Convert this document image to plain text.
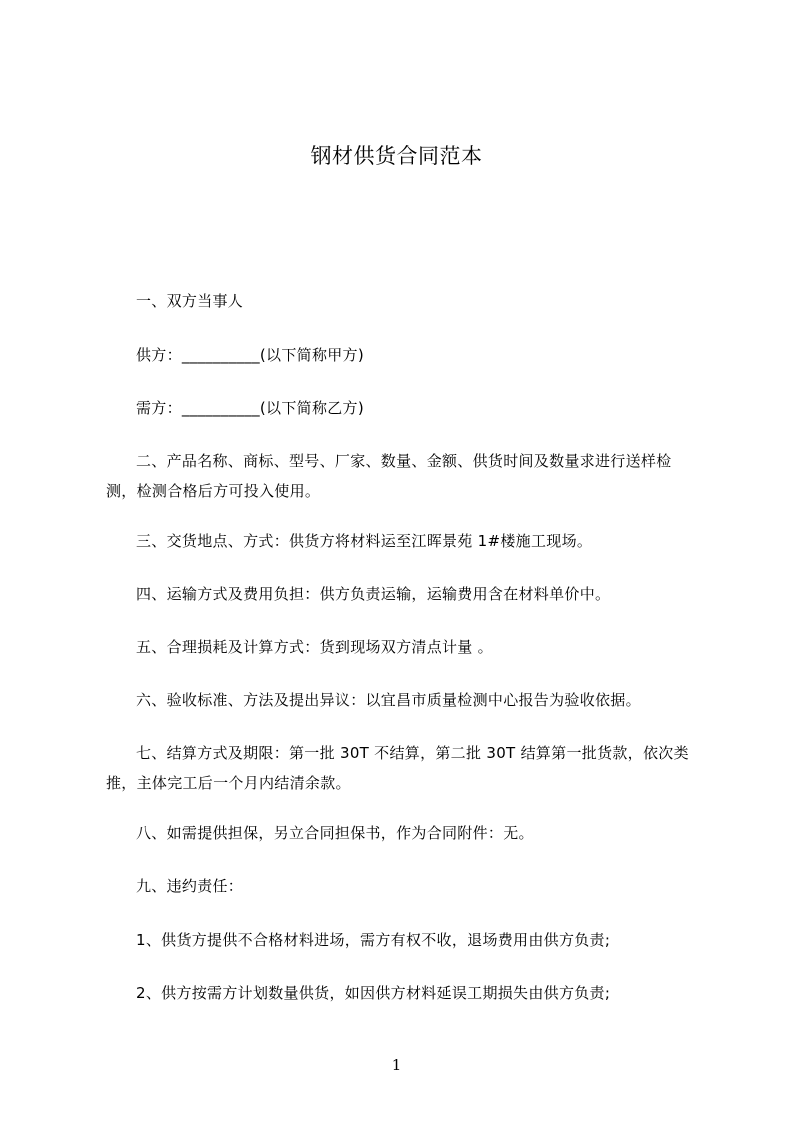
钢材供货合同范本
一、双方当事人
供方：__________(以下简称甲方)
需方：__________(以下简称乙方)
二、产品名称、商标、型号、厂家、数量、金额、供货时间及数量求进行送样检测，检测合格后方可投入使用。
三、交货地点、方式：供货方将材料运至江晖景苑 1#楼施工现场。
四、运输方式及费用负担：供方负责运输，运输费用含在材料单价中。
五、合理损耗及计算方式：货到现场双方清点计量 。
六、验收标准、方法及提出异议：以宜昌市质量检测中心报告为验收依据。
七、结算方式及期限：第一批 30T 不结算，第二批 30T 结算第一批货款，依次类推，主体完工后一个月内结清余款。
八、如需提供担保，另立合同担保书，作为合同附件：无。
九、违约责任：
1、供货方提供不合格材料进场，需方有权不收，退场费用由供方负责;
2、供方按需方计划数量供货，如因供方材料延误工期损失由供方负责;
1
